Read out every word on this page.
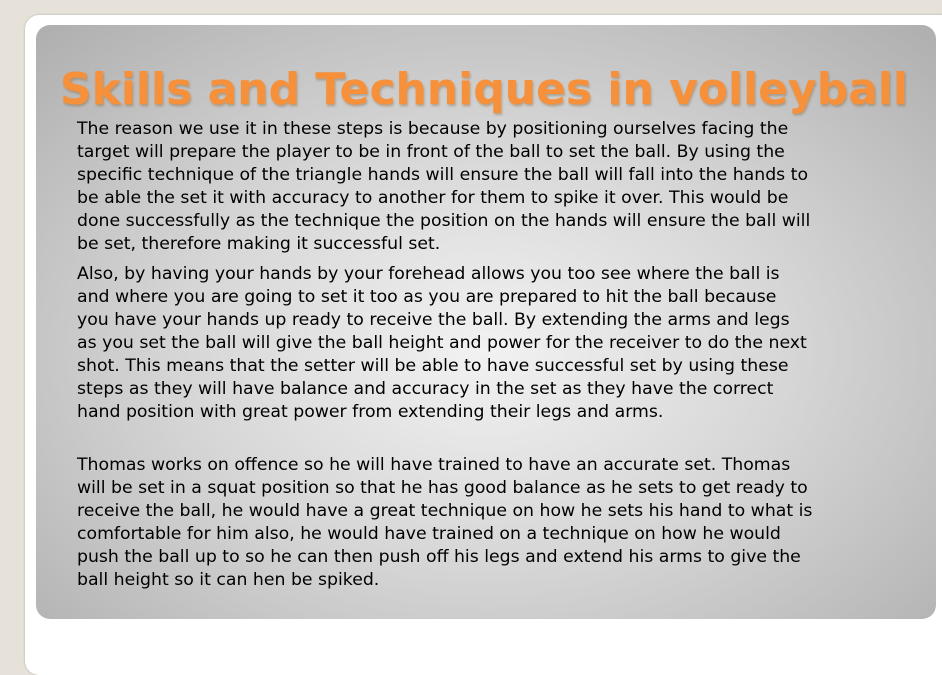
Skills and Techniques in volleyball

The reason we use it in these steps is because by positioning ourselves facing the
target will prepare the player to be in front of the ball to set the ball. By using the
specific technique of the triangle hands will ensure the ball will fall into the hands to
be able the set it with accuracy to another for them to spike it over. This would be
done successfully as the technique the position on the hands will ensure the ball will
be set, therefore making it successful set.

Also, by having your hands by your forehead allows you too see where the ball is
and where you are going to set it too as you are prepared to hit the ball because
you have your hands up ready to receive the ball. By extending the arms and legs
as you set the ball will give the ball height and power for the receiver to do the next
shot. This means that the setter will be able to have successful set by using these
steps as they will have balance and accuracy in the set as they have the correct
hand position with great power from extending their legs and arms.

Thomas works on offence so he will have trained to have an accurate set. Thomas
will be set in a squat position so that he has good balance as he sets to get ready to
receive the ball, he would have a great technique on how he sets his hand to what is
comfortable for him also, he would have trained on a technique on how he would
push the ball up to so he can then push off his legs and extend his arms to give the
ball height so it can hen be spiked.
